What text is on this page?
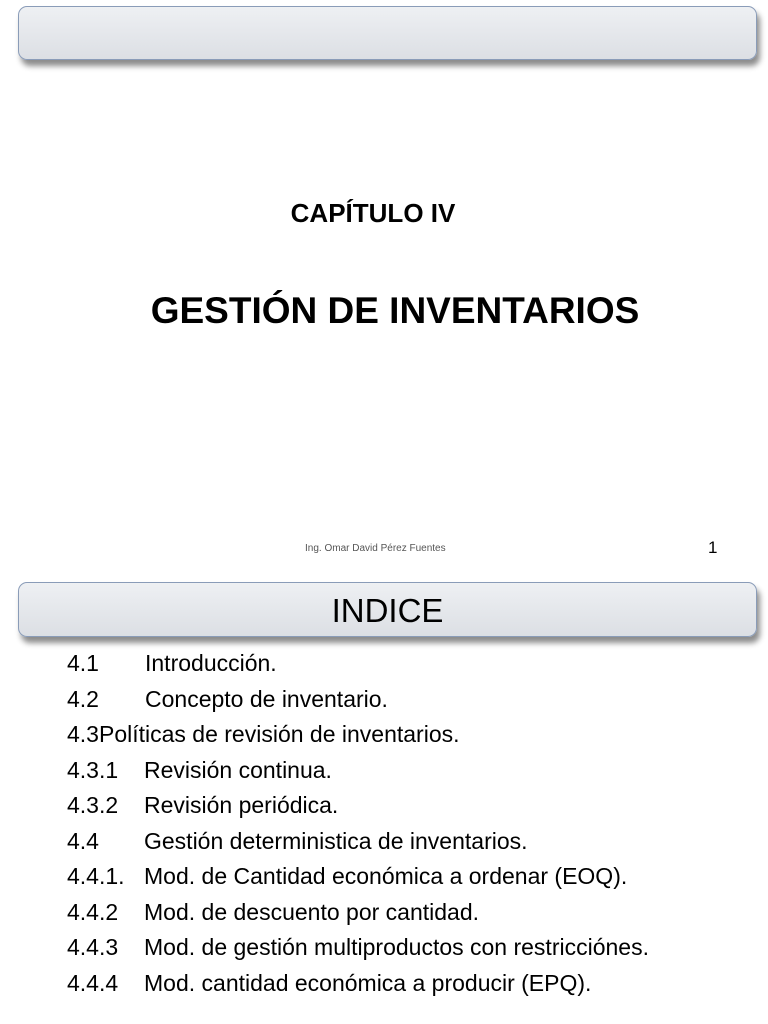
CAPÍTULO IV
GESTIÓN DE INVENTARIOS
Ing. Omar David Pérez Fuentes	1
INDICE
4.1 Introducción.
4.2 Concepto de inventario.
4.3Políticas de revisión de inventarios.
4.3.1 Revisión continua.
4.3.2 Revisión periódica.
4.4 Gestión deterministica de inventarios.
4.4.1. Mod. de Cantidad económica a ordenar (EOQ).
4.4.2 Mod. de descuento por cantidad.
4.4.3 Mod. de gestión multiproductos con restricciónes.
4.4.4 Mod. cantidad económica a producir (EPQ).
